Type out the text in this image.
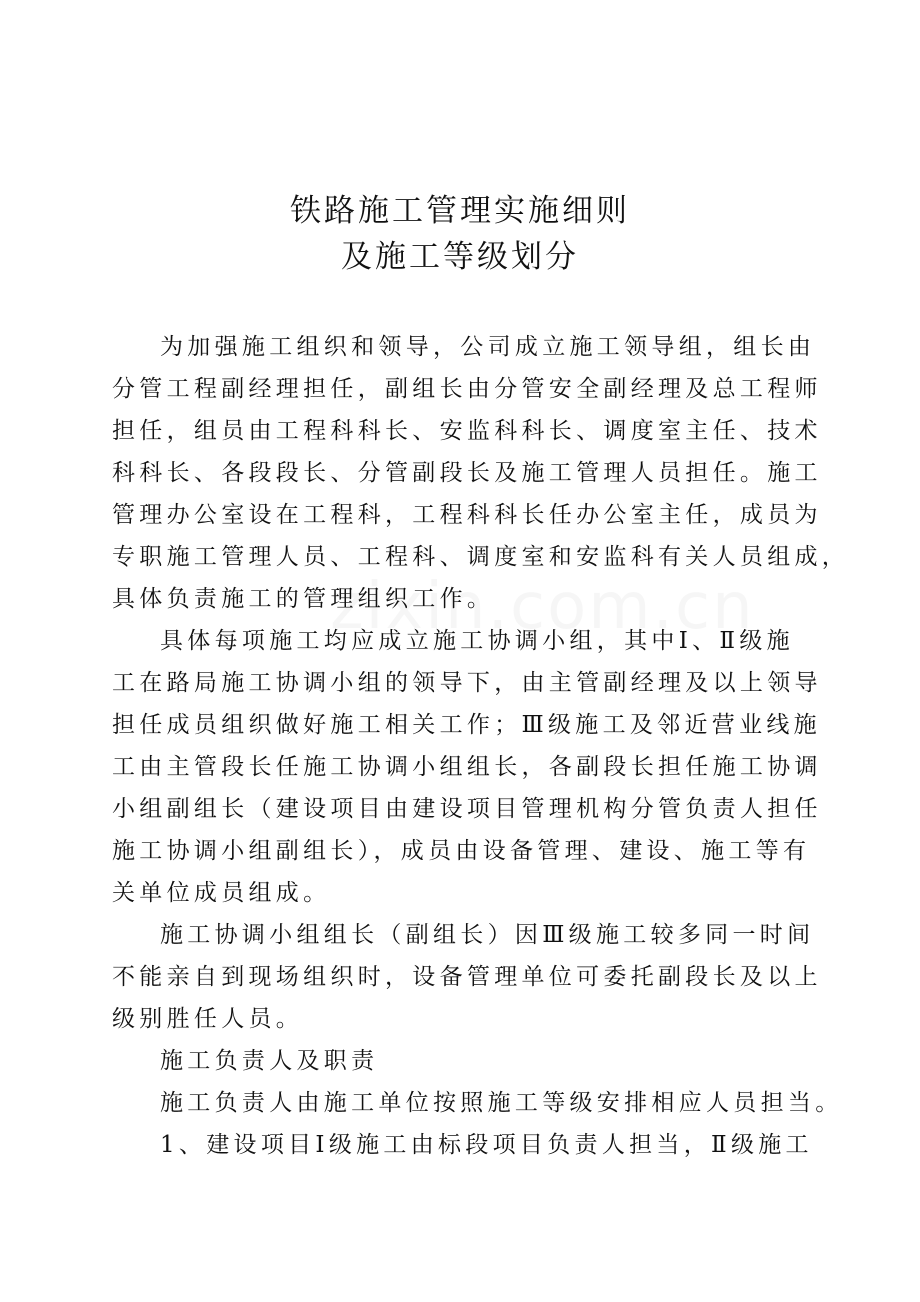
铁路施工管理实施细则
及施工等级划分
为加强施工组织和领导，公司成立施工领导组，组长由
分管工程副经理担任，副组长由分管安全副经理及总工程师
担任，组员由工程科科长、安监科科长、调度室主任、技术
科科长、各段段长、分管副段长及施工管理人员担任。施工
管理办公室设在工程科，工程科科长任办公室主任，成员为
专职施工管理人员、工程科、调度室和安监科有关人员组成，
具体负责施工的管理组织工作。
具体每项施工均应成立施工协调小组，其中Ⅰ、Ⅱ级施
工在路局施工协调小组的领导下，由主管副经理及以上领导
担任成员组织做好施工相关工作；Ⅲ级施工及邻近营业线施
工由主管段长任施工协调小组组长，各副段长担任施工协调
小组副组长（建设项目由建设项目管理机构分管负责人担任
施工协调小组副组长），成员由设备管理、建设、施工等有
关单位成员组成。
施工协调小组组长（副组长）因Ⅲ级施工较多同一时间
不能亲自到现场组织时，设备管理单位可委托副段长及以上
级别胜任人员。
施工负责人及职责
施工负责人由施工单位按照施工等级安排相应人员担当。
1、建设项目Ⅰ级施工由标段项目负责人担当，Ⅱ级施工
